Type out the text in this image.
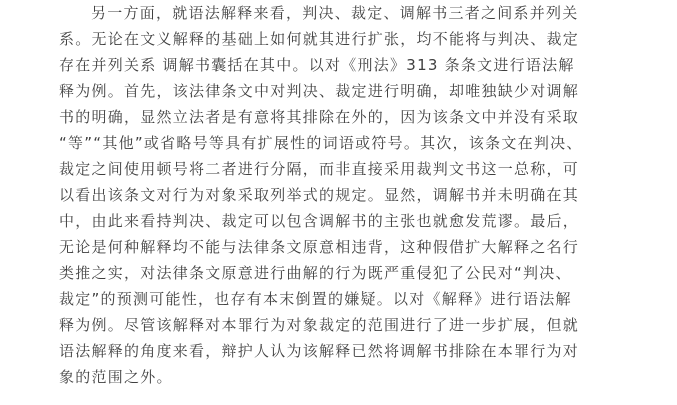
另一方面，就语法解释来看，判决、裁定、调解书三者之间系并列关
系。无论在文义解释的基础上如何就其进行扩张，均不能将与判决、裁定
存在并列关系 调解书囊括在其中。以对《刑法》313 条条文进行语法解
释为例。首先，该法律条文中对判决、裁定进行明确，却唯独缺少对调解
书的明确，显然立法者是有意将其排除在外的，因为该条文中并没有采取
“等”“其他”或省略号等具有扩展性的词语或符号。其次，该条文在判决、
裁定之间使用顿号将二者进行分隔，而非直接采用裁判文书这一总称，可
以看出该条文对行为对象采取列举式的规定。显然，调解书并未明确在其
中，由此来看持判决、裁定可以包含调解书的主张也就愈发荒谬。最后，
无论是何种解释均不能与法律条文原意相违背，这种假借扩大解释之名行
类推之实，对法律条文原意进行曲解的行为既严重侵犯了公民对“判决、
裁定”的预测可能性，也存有本末倒置的嫌疑。以对《解释》进行语法解
释为例。尽管该解释对本罪行为对象裁定的范围进行了进一步扩展，但就
语法解释的角度来看，辩护人认为该解释已然将调解书排除在本罪行为对
象的范围之外。
